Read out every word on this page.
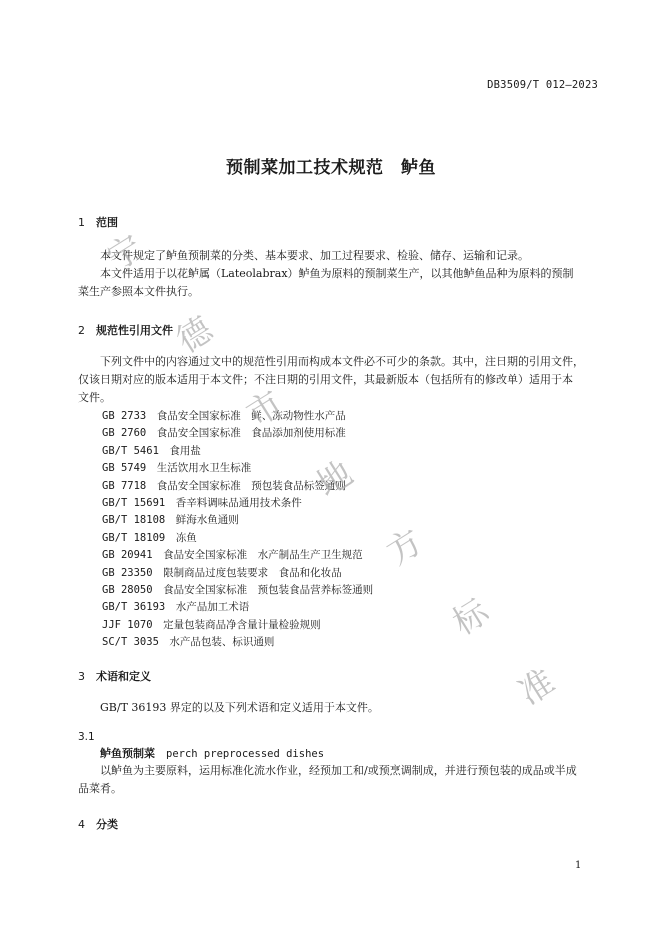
DB3509/T 012—2023
预制菜加工技术规范　鲈鱼
1 范围

本文件规定了鲈鱼预制菜的分类、基本要求、加工过程要求、检验、储存、运输和记录。

本文件适用于以花鲈属（Lateolabrax）鲈鱼为原料的预制菜生产，以其他鲈鱼品种为原料的预制

菜生产参照本文件执行。

2 规范性引用文件

下列文件中的内容通过文中的规范性引用而构成本文件必不可少的条款。其中，注日期的引用文件，

仅该日期对应的版本适用于本文件；不注日期的引用文件，其最新版本（包括所有的修改单）适用于本

文件。

GB 2733　 食品安全国家标准　鲜、冻动物性水产品
GB 2760　 食品安全国家标准　食品添加剂使用标准
GB/T 5461　 食用盐
GB 5749　 生活饮用水卫生标准
GB 7718　 食品安全国家标准　预包装食品标签通则
GB/T 15691　 香辛料调味品通用技术条件
GB/T 18108　 鲜海水鱼通则
GB/T 18109　 冻鱼
GB 20941　 食品安全国家标准　水产制品生产卫生规范
GB 23350　 限制商品过度包装要求　食品和化妆品
GB 28050　 食品安全国家标准　预包装食品营养标签通则
GB/T 36193　 水产品加工术语
JJF 1070　 定量包装商品净含量计量检验规则
SC/T 3035　 水产品包装、标识通则
3 术语和定义
GB/T 36193 界定的以及下列术语和定义适用于本文件。
3.1
鲈鱼预制菜　 perch preprocessed dishes

以鲈鱼为主要原料，运用标准化流水作业，经预加工和/或预烹调制成，并进行预包装的成品或半成

品菜肴。

4 分类
1
宁
德
市
地
方
标
准
